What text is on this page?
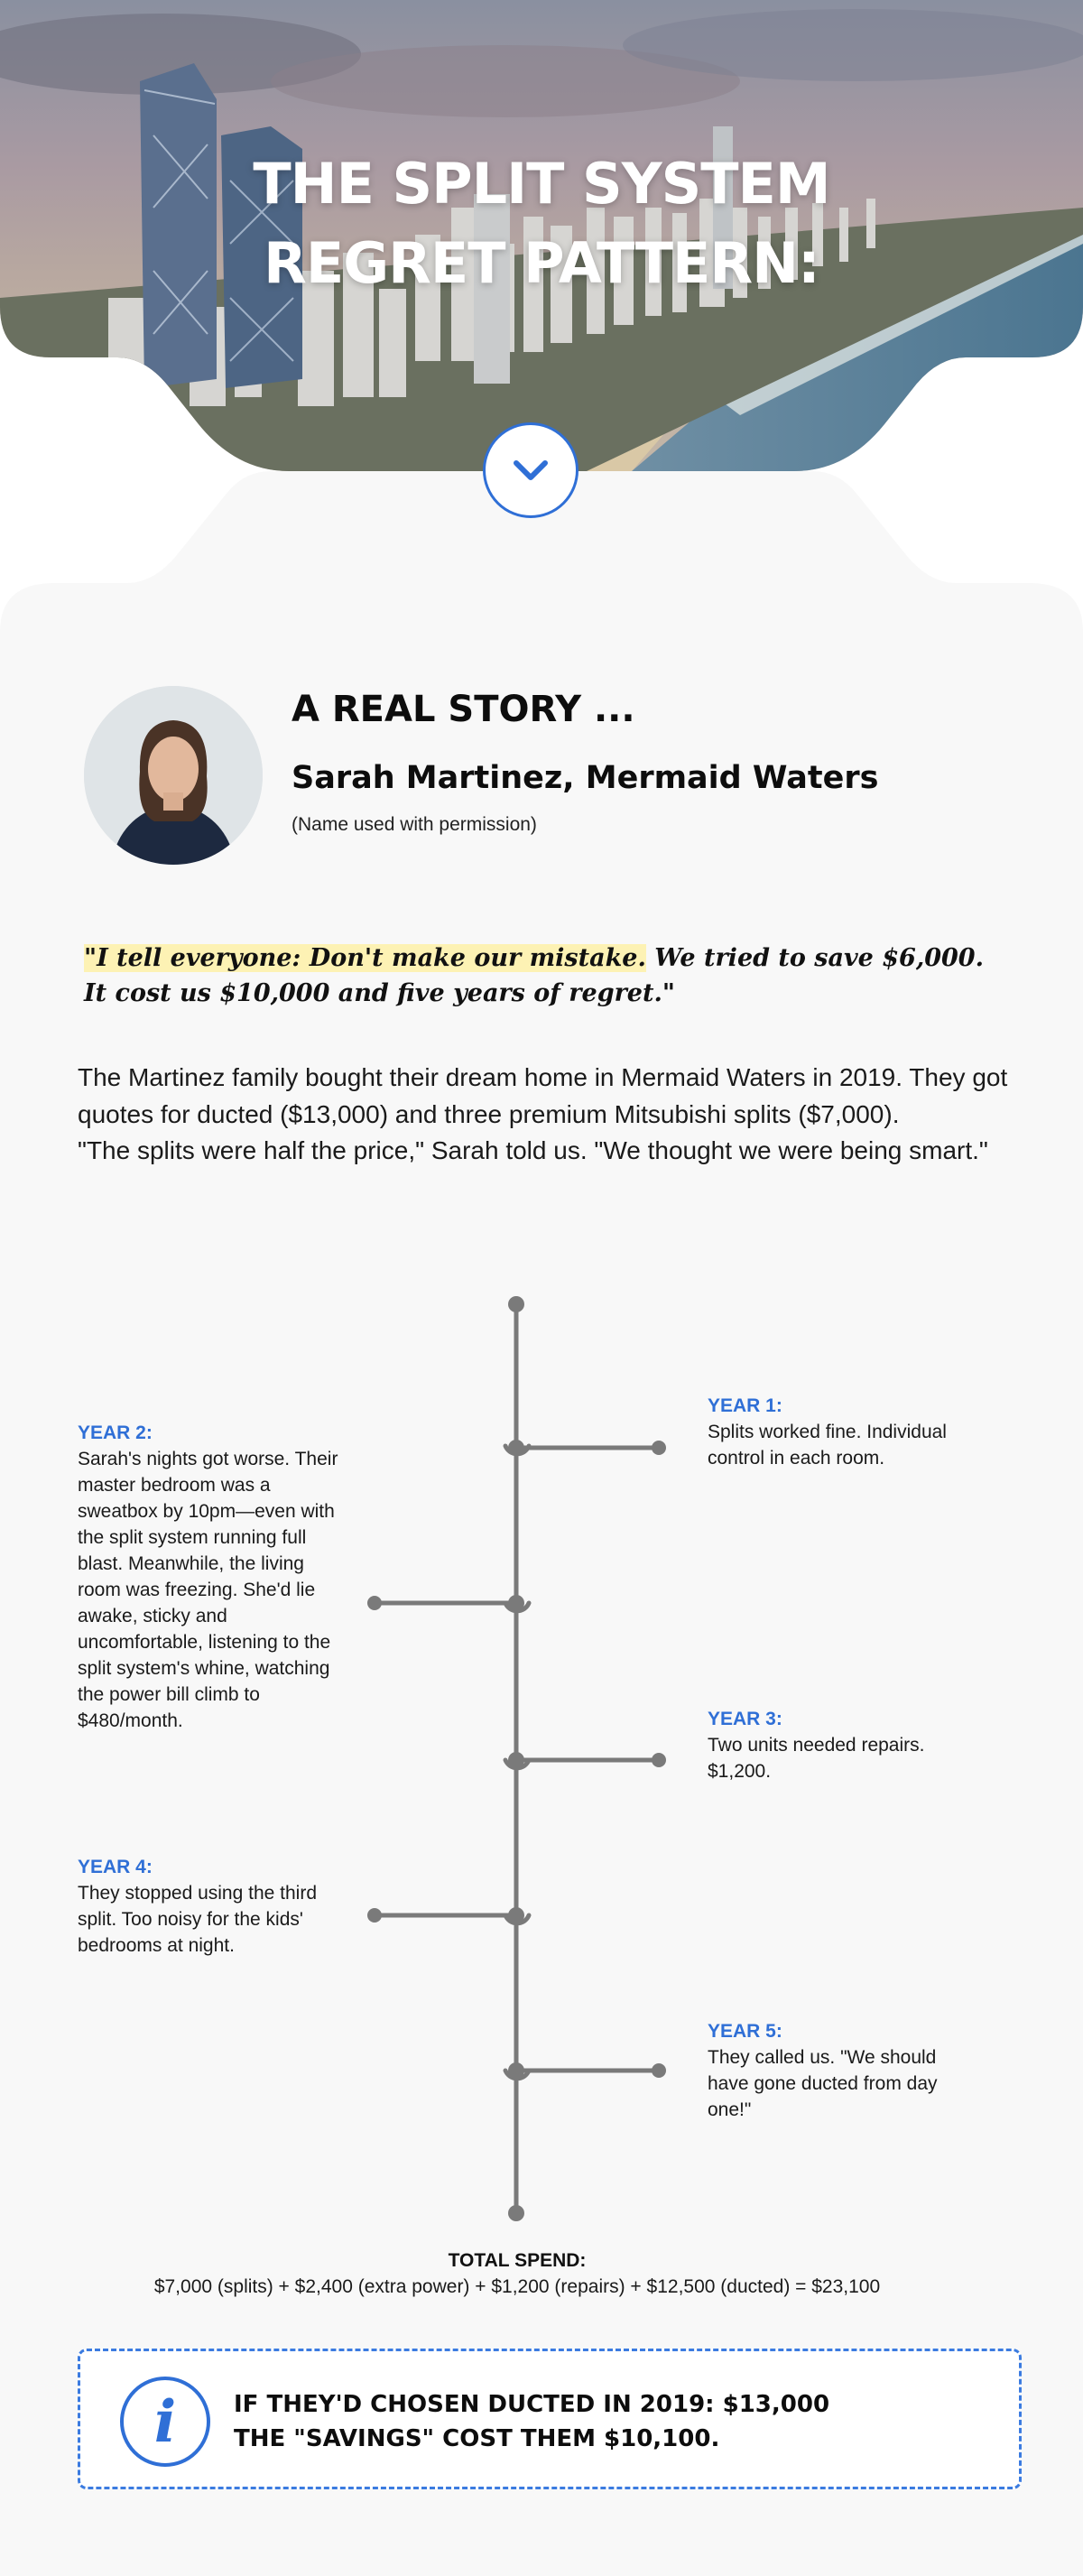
THE SPLIT SYSTEM REGRET PATTERN:
A REAL STORY ...
Sarah Martinez, Mermaid Waters
(Name used with permission)
"I tell everyone: Don't make our mistake. We tried to save $6,000. It cost us $10,000 and five years of regret."
The Martinez family bought their dream home in Mermaid Waters in 2019. They got quotes for ducted ($13,000) and three premium Mitsubishi splits ($7,000).
"The splits were half the price," Sarah told us. "We thought we were being smart."
YEAR 1:
Splits worked fine. Individual control in each room.
YEAR 2:
Sarah's nights got worse. Their master bedroom was a sweatbox by 10pm—even with the split system running full blast. Meanwhile, the living room was freezing. She'd lie awake, sticky and uncomfortable, listening to the split system's whine, watching the power bill climb to $480/month.	YEAR 3:
Two units needed repairs. $1,200.
YEAR 4:
They stopped using the third split. Too noisy for the kids' bedrooms at night.
YEAR 5:
They called us. "We should have gone ducted from day one!"
TOTAL SPEND:
$7,000 (splits) + $2,400 (extra power) + $1,200 (repairs) + $12,500 (ducted) = $23,100
i	IF THEY'D CHOSEN DUCTED IN 2019: $13,000
THE "SAVINGS" COST THEM $10,100.
